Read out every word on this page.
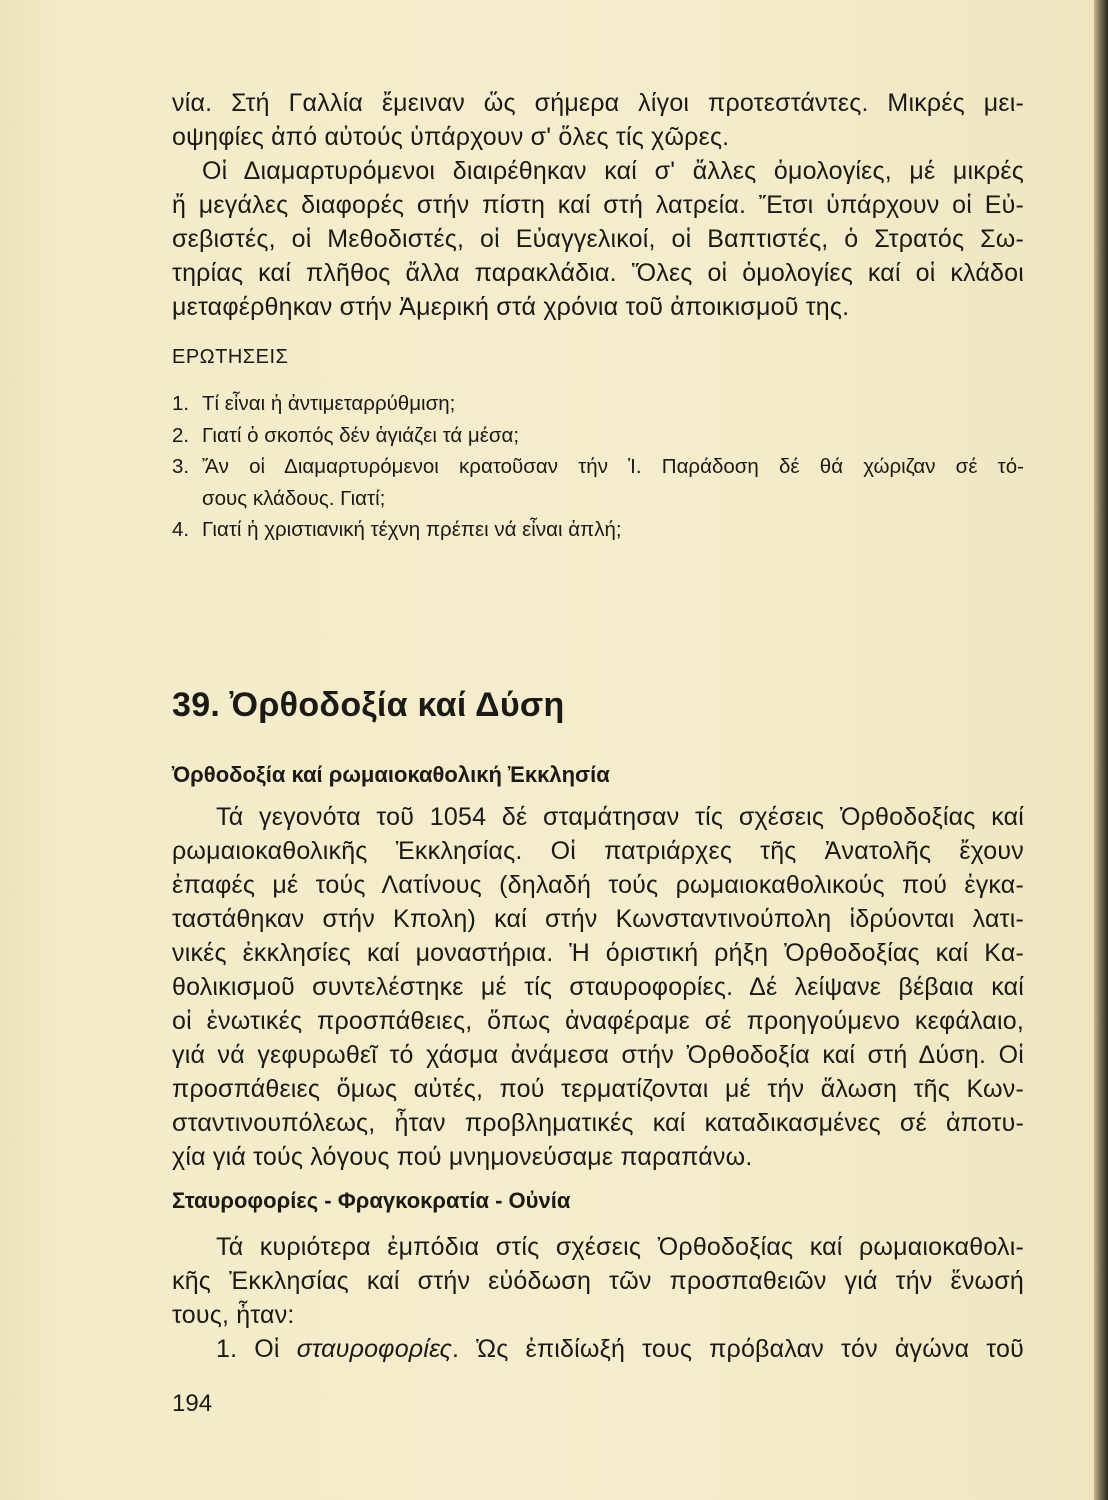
νία. Στή Γαλλία ἔμειναν ὥς σήμερα λίγοι προτεστάντες. Μικρές μει-
οψηφίες ἀπό αὐτούς ὑπάρχουν σ' ὅλες τίς χῶρες.
Οἱ Διαμαρτυρόμενοι διαιρέθηκαν καί σ' ἄλλες ὁμολογίες, μέ μικρές
ἤ μεγάλες διαφορές στήν πίστη καί στή λατρεία. Ἔτσι ὑπάρχουν οἱ Εὐ-
σεβιστές, οἱ Μεθοδιστές, οἱ Εὐαγγελικοί, οἱ Βαπτιστές, ὁ Στρατός Σω-
τηρίας καί πλῆθος ἄλλα παρακλάδια. Ὅλες οἱ ὁμολογίες καί οἱ κλάδοι
μεταφέρθηκαν στήν Ἀμερική στά χρόνια τοῦ ἀποικισμοῦ της.

ΕΡΩΤΗΣΕΙΣ
1. Τί εἶναι ἡ ἀντιμεταρρύθμιση;
2. Γιατί ὁ σκοπός δέν ἁγιάζει τά μέσα;
3. Ἄν οἱ Διαμαρτυρόμενοι κρατοῦσαν τήν Ἱ. Παράδοση δέ θά χώριζαν σέ τό-
σους κλάδους. Γιατί;
4. Γιατί ἡ χριστιανική τέχνη πρέπει νά εἶναι ἁπλή;
39. Ὀρθοδοξία καί Δύση
Ὀρθοδοξία καί ρωμαιοκαθολική Ἐκκλησία

Τά γεγονότα τοῦ 1054 δέ σταμάτησαν τίς σχέσεις Ὀρθοδοξίας καί
ρωμαιοκαθολικῆς Ἐκκλησίας. Οἱ πατριάρχες τῆς Ἀνατολῆς ἔχουν
ἐπαφές μέ τούς Λατίνους (δηλαδή τούς ρωμαιοκαθολικούς πού ἐγκα-
ταστάθηκαν στήν Κπολη) καί στήν Κωνσταντινούπολη ἱδρύονται λατι-
νικές ἐκκλησίες καί μοναστήρια. Ἡ όριστική ρήξη Ὀρθοδοξίας καί Κα-
θολικισμοῦ συντελέστηκε μέ τίς σταυροφορίες. Δέ λείψανε βέβαια καί
οἱ ἑνωτικές προσπάθειες, ὅπως ἀναφέραμε σέ προηγούμενο κεφάλαιο,
γιά νά γεφυρωθεῖ τό χάσμα ἀνάμεσα στήν Ὀρθοδοξία καί στή Δύση. Οἱ
προσπάθειες ὅμως αὐτές, πού τερματίζονται μέ τήν ἅλωση τῆς Κων-
σταντινουπόλεως, ἦταν προβληματικές καί καταδικασμένες σέ ἀποτυ-
χία γιά τούς λόγους πού μνημονεύσαμε παραπάνω.

Σταυροφορίες - Φραγκοκρατία - Οὐνία

Τά κυριότερα ἐμπόδια στίς σχέσεις Ὀρθοδοξίας καί ρωμαιοκαθολι-
κῆς Ἐκκλησίας καί στήν εὐόδωση τῶν προσπαθειῶν γιά τήν ἕνωσή
τους, ἦταν:
1. Οἱ σταυροφορίες. Ὡς ἐπιδίωξή τους πρόβαλαν τόν ἀγώνα τοῦ

194
